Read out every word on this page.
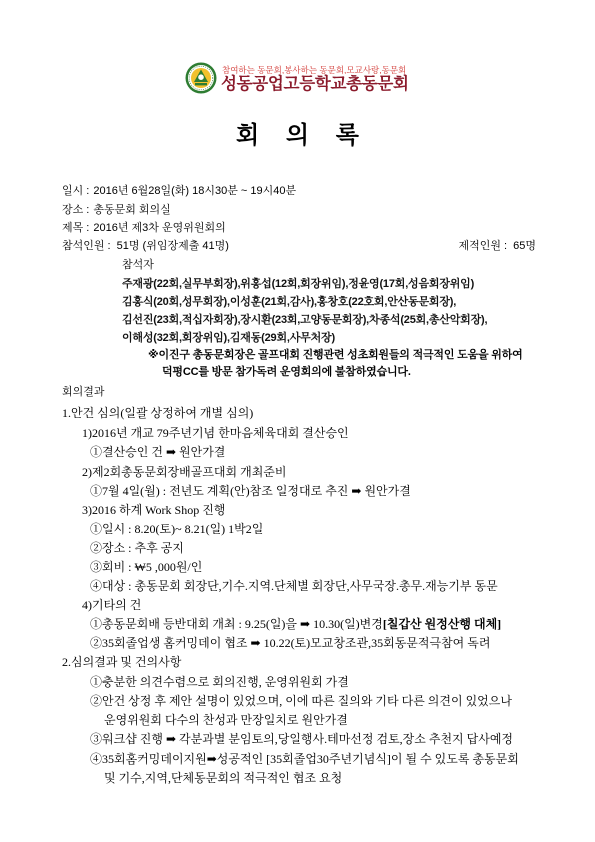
참여하는 동문회,봉사하는 동문회,모교사랑,동문회
성동공업고등학교총동문회
회 의 록
일시 : 2016년 6월28일(화) 18시30분 ~ 19시40분
장소 : 총동문회 회의실
제목 : 2016년 제3차 운영위원회의
참석인원 : 51명 (위임장제출 41명)	제적인원 : 65명
참석자
주재광(22회,실무부회장),위홍섭(12회,회장위임),정윤영(17회,성음회장위임)
김홍식(20회,성무회장),이성훈(21회,감사),홍창호(22호회,안산동문회장),
김선진(23회,적십자회장),장시환(23회,고양동문회장),차종석(25회,총산악회장),
이해성(32회,회장위임),김재동(29회,사무처장)
※이진구 총동문회장은 골프대회 진행관련 성초회원들의 적극적인 도움을 위하여
덕평CC를 방문 참가독려 운영회의에 불참하였습니다.
회의결과
1.안건 심의(일괄 상정하여 개별 심의)
1)2016년 개교 79주년기념 한마음체육대회 결산승인
①결산승인 건 ➡ 원안가결
2)제2회총동문회장배골프대회 개최준비
①7월 4일(월) : 전년도 계획(안)참조 일정대로 추진 ➡ 원안가결
3)2016 하계 Work Shop 진행
①일시 : 8.20(토)~ 8.21(일) 1박2일
②장소 : 추후 공지
③회비 : ₩5 ,000원/인
④대상 : 총동문회 회장단,기수.지역.단체별 회장단,사무국장.총무.재능기부 동문
4)기타의 건
①총동문회배 등반대회 개최 : 9.25(일)을 ➡ 10.30(일)변경[칠갑산 원정산행 대체]
②35회졸업생 홈커밍데이 협조 ➡ 10.22(토)모교창조관,35회동문적극참여 독려
2.심의결과 및 건의사항
①충분한 의견수렴으로 회의진행, 운영위원회 가결
②안건 상정 후 제안 설명이 있었으며, 이에 따른 질의와 기타 다른 의견이 있었으나
운영위원회 다수의 찬성과 만장일치로 원안가결
③워크샵 진행 ➡ 각분과별 분임토의,당일행사.테마선정 검토,장소 추천지 답사예정
④35회홈커밍데이지원➡성공적인 [35회졸업30주년기념식]이 될 수 있도록 총동문회
및 기수,지역,단체동문회의 적극적인 협조 요청
